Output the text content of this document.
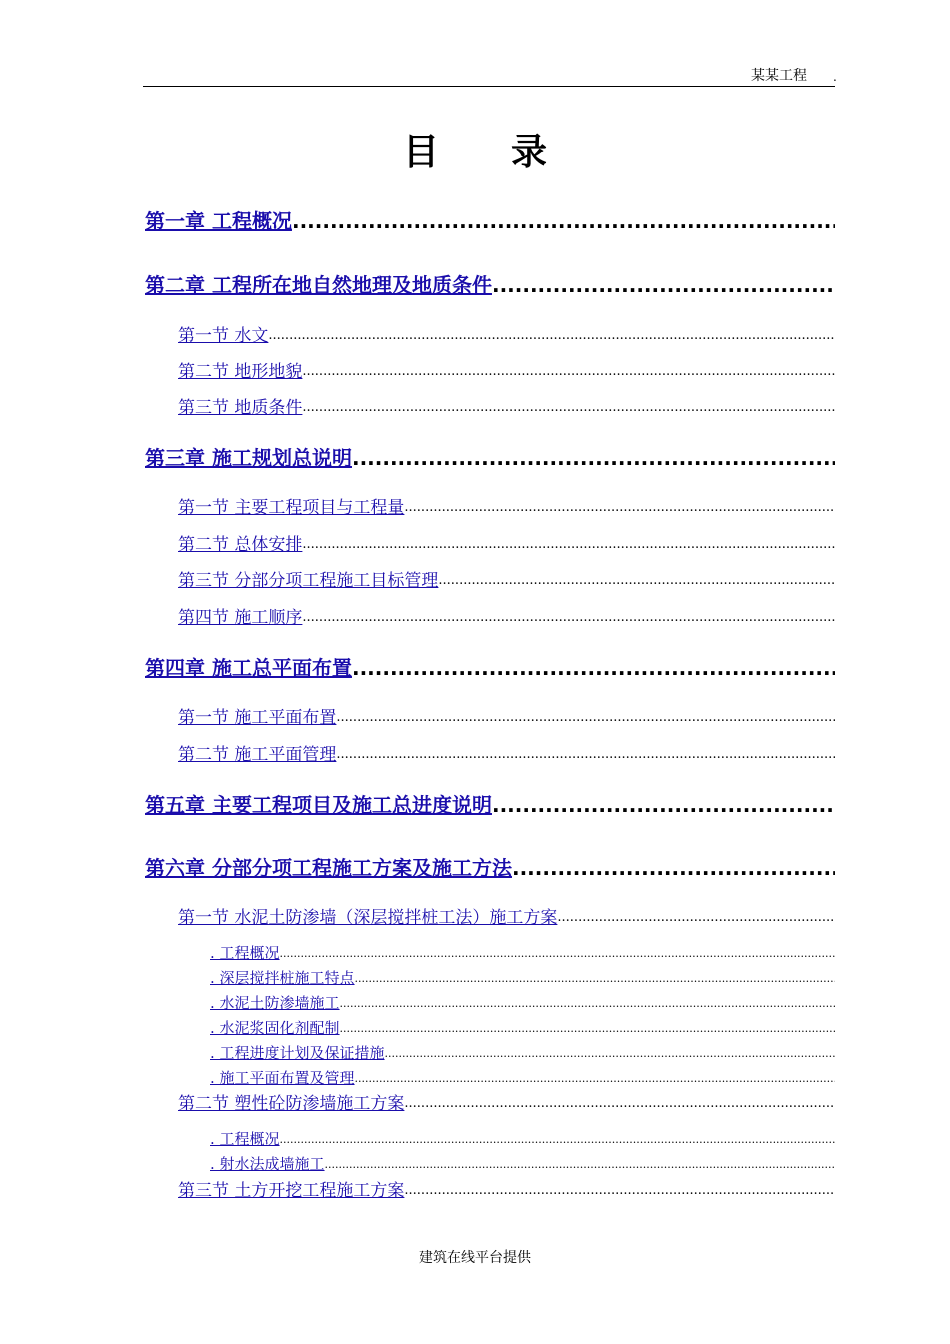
某某工程 .
目录
第一章 工程概况
.....
第二章 工程所在地自然地理及地质条件
.....
第一节 水文
.....
第二节 地形地貌
.....
第三节 地质条件
.....
第三章 施工规划总说明
.....
第一节 主要工程项目与工程量
.....
第二节 总体安排
.....
第三节 分部分项工程施工目标管理
.....
第四节 施工顺序
.....
第四章 施工总平面布置
.....
第一节 施工平面布置
.....
第二节 施工平面管理
.....
第五章 主要工程项目及施工总进度说明
.....
第六章 分部分项工程施工方案及施工方法
.....
第一节 水泥土防渗墙（深层搅拌桩工法）施工方案
.....
. 工程概况
.....
. 深层搅拌桩施工特点
.....
. 水泥土防渗墙施工
.....
. 水泥浆固化剂配制
.....
. 工程进度计划及保证措施
.....
. 施工平面布置及管理
.....
第二节 塑性砼防渗墙施工方案
.....
. 工程概况
.....
. 射水法成墙施工
.....
第三节 土方开挖工程施工方案
.....
建筑在线平台提供
